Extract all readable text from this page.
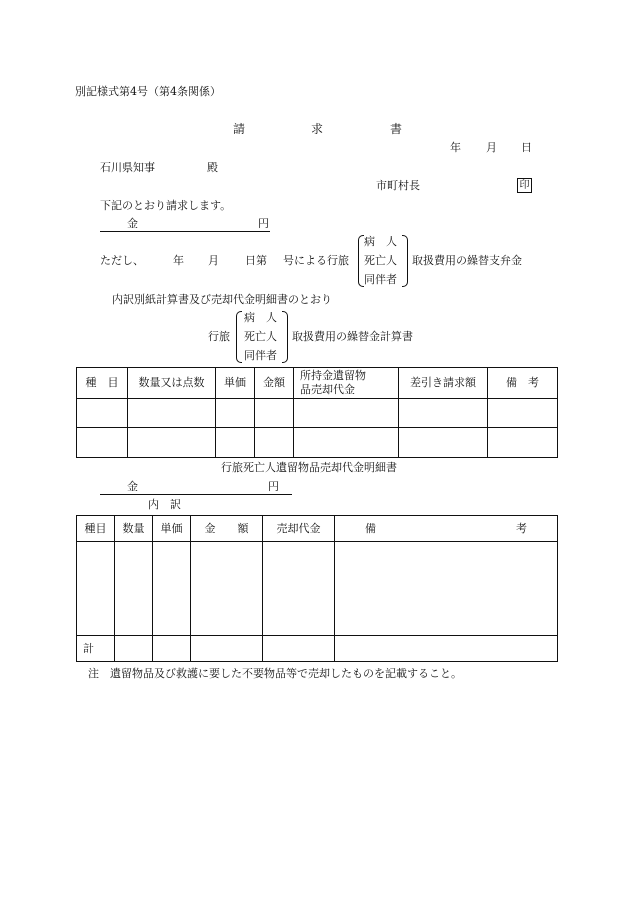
別記様式第4号（第4条関係）
請	求	書
年 月 日
石川県知事	殿
市町村長	印
下記のとおり請求します。
金	円
ただし、	年 月 日第 号による行旅
病　人
死亡人
同伴者
取扱費用の繰替支弁金
内訳別紙計算書及び売却代金明細書のとおり
行旅
病　人
死亡人
同伴者
取扱費用の繰替金計算書
種　目	数量又は点数	単価	金額	所持金遺留物品売却代金	差引き請求額	備　考

行旅死亡人遺留物品売却代金明細書
金	円
内　訳
種目	数量	単価	金　　額	売却代金	備	考

計						
注　遺留物品及び救護に要した不要物品等で売却したものを記載すること。
